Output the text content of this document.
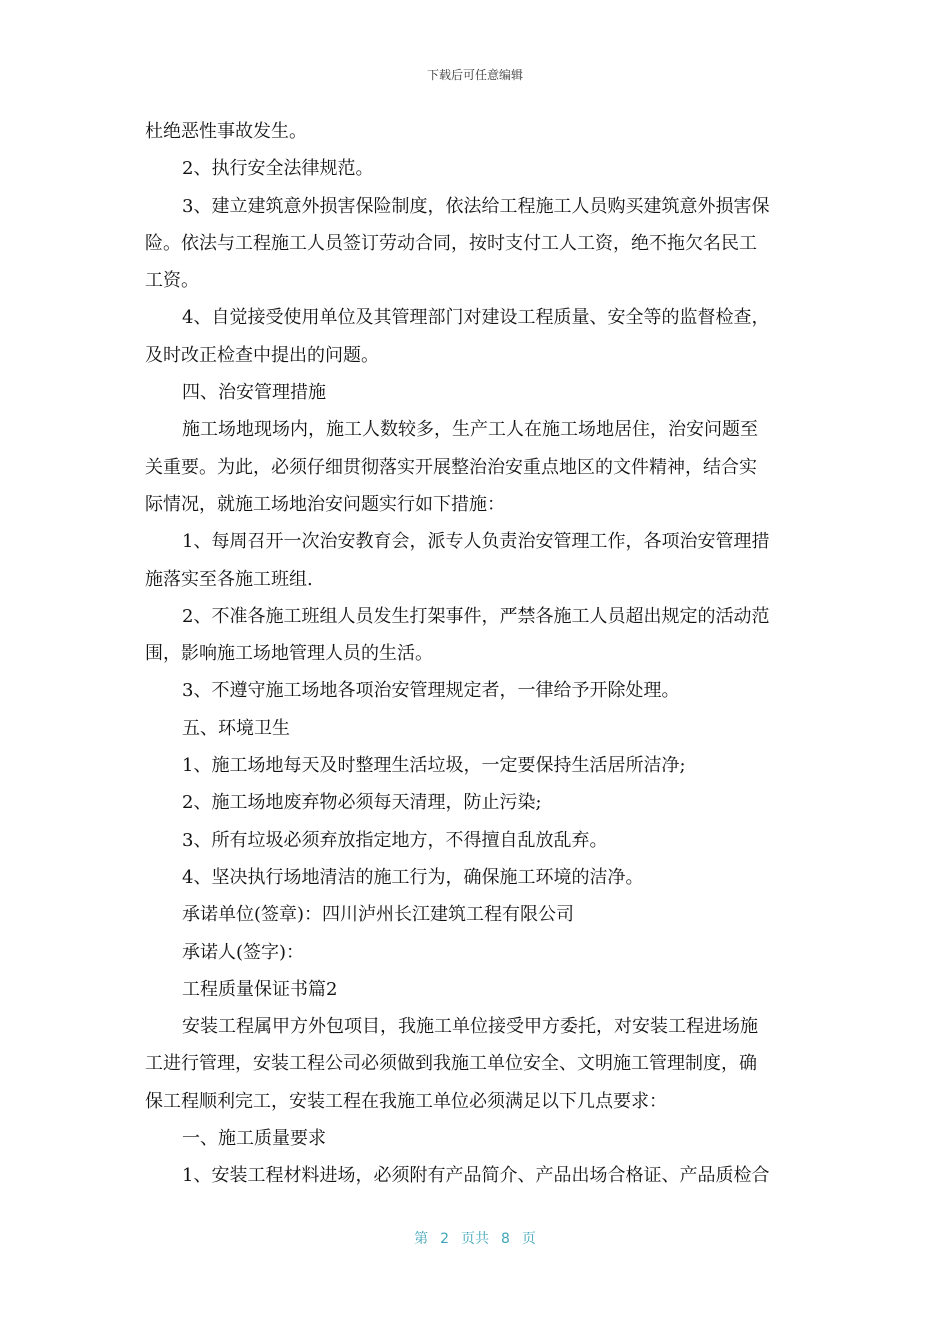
下载后可任意编辑
杜绝恶性事故发生。
2、执行安全法律规范。
3、建立建筑意外损害保险制度，依法给工程施工人员购买建筑意外损害保
险。依法与工程施工人员签订劳动合同，按时支付工人工资，绝不拖欠名民工
工资。
4、自觉接受使用单位及其管理部门对建设工程质量、安全等的监督检查，
及时改正检查中提出的问题。
四、治安管理措施
施工场地现场内，施工人数较多，生产工人在施工场地居住，治安问题至
关重要。为此，必须仔细贯彻落实开展整治治安重点地区的文件精神，结合实
际情况，就施工场地治安问题实行如下措施：
1、每周召开一次治安教育会，派专人负责治安管理工作，各项治安管理措
施落实至各施工班组.
2、不准各施工班组人员发生打架事件，严禁各施工人员超出规定的活动范
围，影响施工场地管理人员的生活。
3、不遵守施工场地各项治安管理规定者，一律给予开除处理。
五、环境卫生
1、施工场地每天及时整理生活垃圾，一定要保持生活居所洁净;
2、施工场地废弃物必须每天清理，防止污染;
3、所有垃圾必须弃放指定地方，不得擅自乱放乱弃。
4、坚决执行场地清洁的施工行为，确保施工环境的洁净。
承诺单位(签章)：四川泸州长江建筑工程有限公司
承诺人(签字)：
工程质量保证书篇2
安装工程属甲方外包项目，我施工单位接受甲方委托，对安装工程进场施
工进行管理，安装工程公司必须做到我施工单位安全、文明施工管理制度，确
保工程顺利完工，安装工程在我施工单位必须满足以下几点要求：
一、施工质量要求
1、安装工程材料进场，必须附有产品简介、产品出场合格证、产品质检合
第 2 页共 8 页
